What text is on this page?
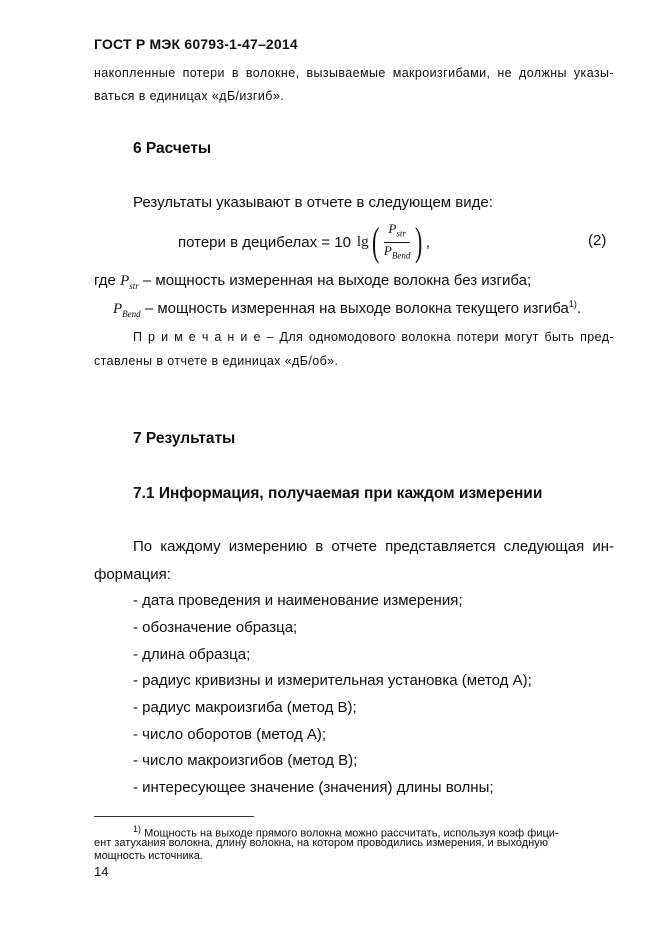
ГОСТ Р МЭК 60793-1-47–2014
накопленные потери в волокне, вызываемые макроизгибами, не должны указы-
ваться в единицах «дБ/изгиб».
6 Расчеты
Результаты указывают в отчете в следующем виде:
потери в децибелах = 10 lg ( $\frac{P_{str}}{P_{Bend}}$ ) ,	(2)
где $P_{str}$ – мощность измеренная на выходе волокна без изгиба;
$P_{Bend}$ – мощность измеренная на выходе волокна текущего изгиба$^{1)}$.
П р и м е ч а н и е – Для одномодового волокна потери могут быть пред-
ставлены в отчете в единицах «дБ/об».
7 Результаты
7.1 Информация, получаемая при каждом измерении
По каждому измерению в отчете представляется следующая ин-
формация:
- дата проведения и наименование измерения;
- обозначение образца;
- длина образца;
- радиус кривизны и измерительная установка (метод А);
- радиус макроизгиба (метод В);
- число оборотов (метод А);
- число макроизгибов (метод В);
- интересующее значение (значения) длины волны;
$^{1)}$ Мощность на выходе прямого волокна можно рассчитать, используя коэф фици-
ент затухания волокна, длину волокна, на котором проводились измерения, и выходную
мощность источника.
14
